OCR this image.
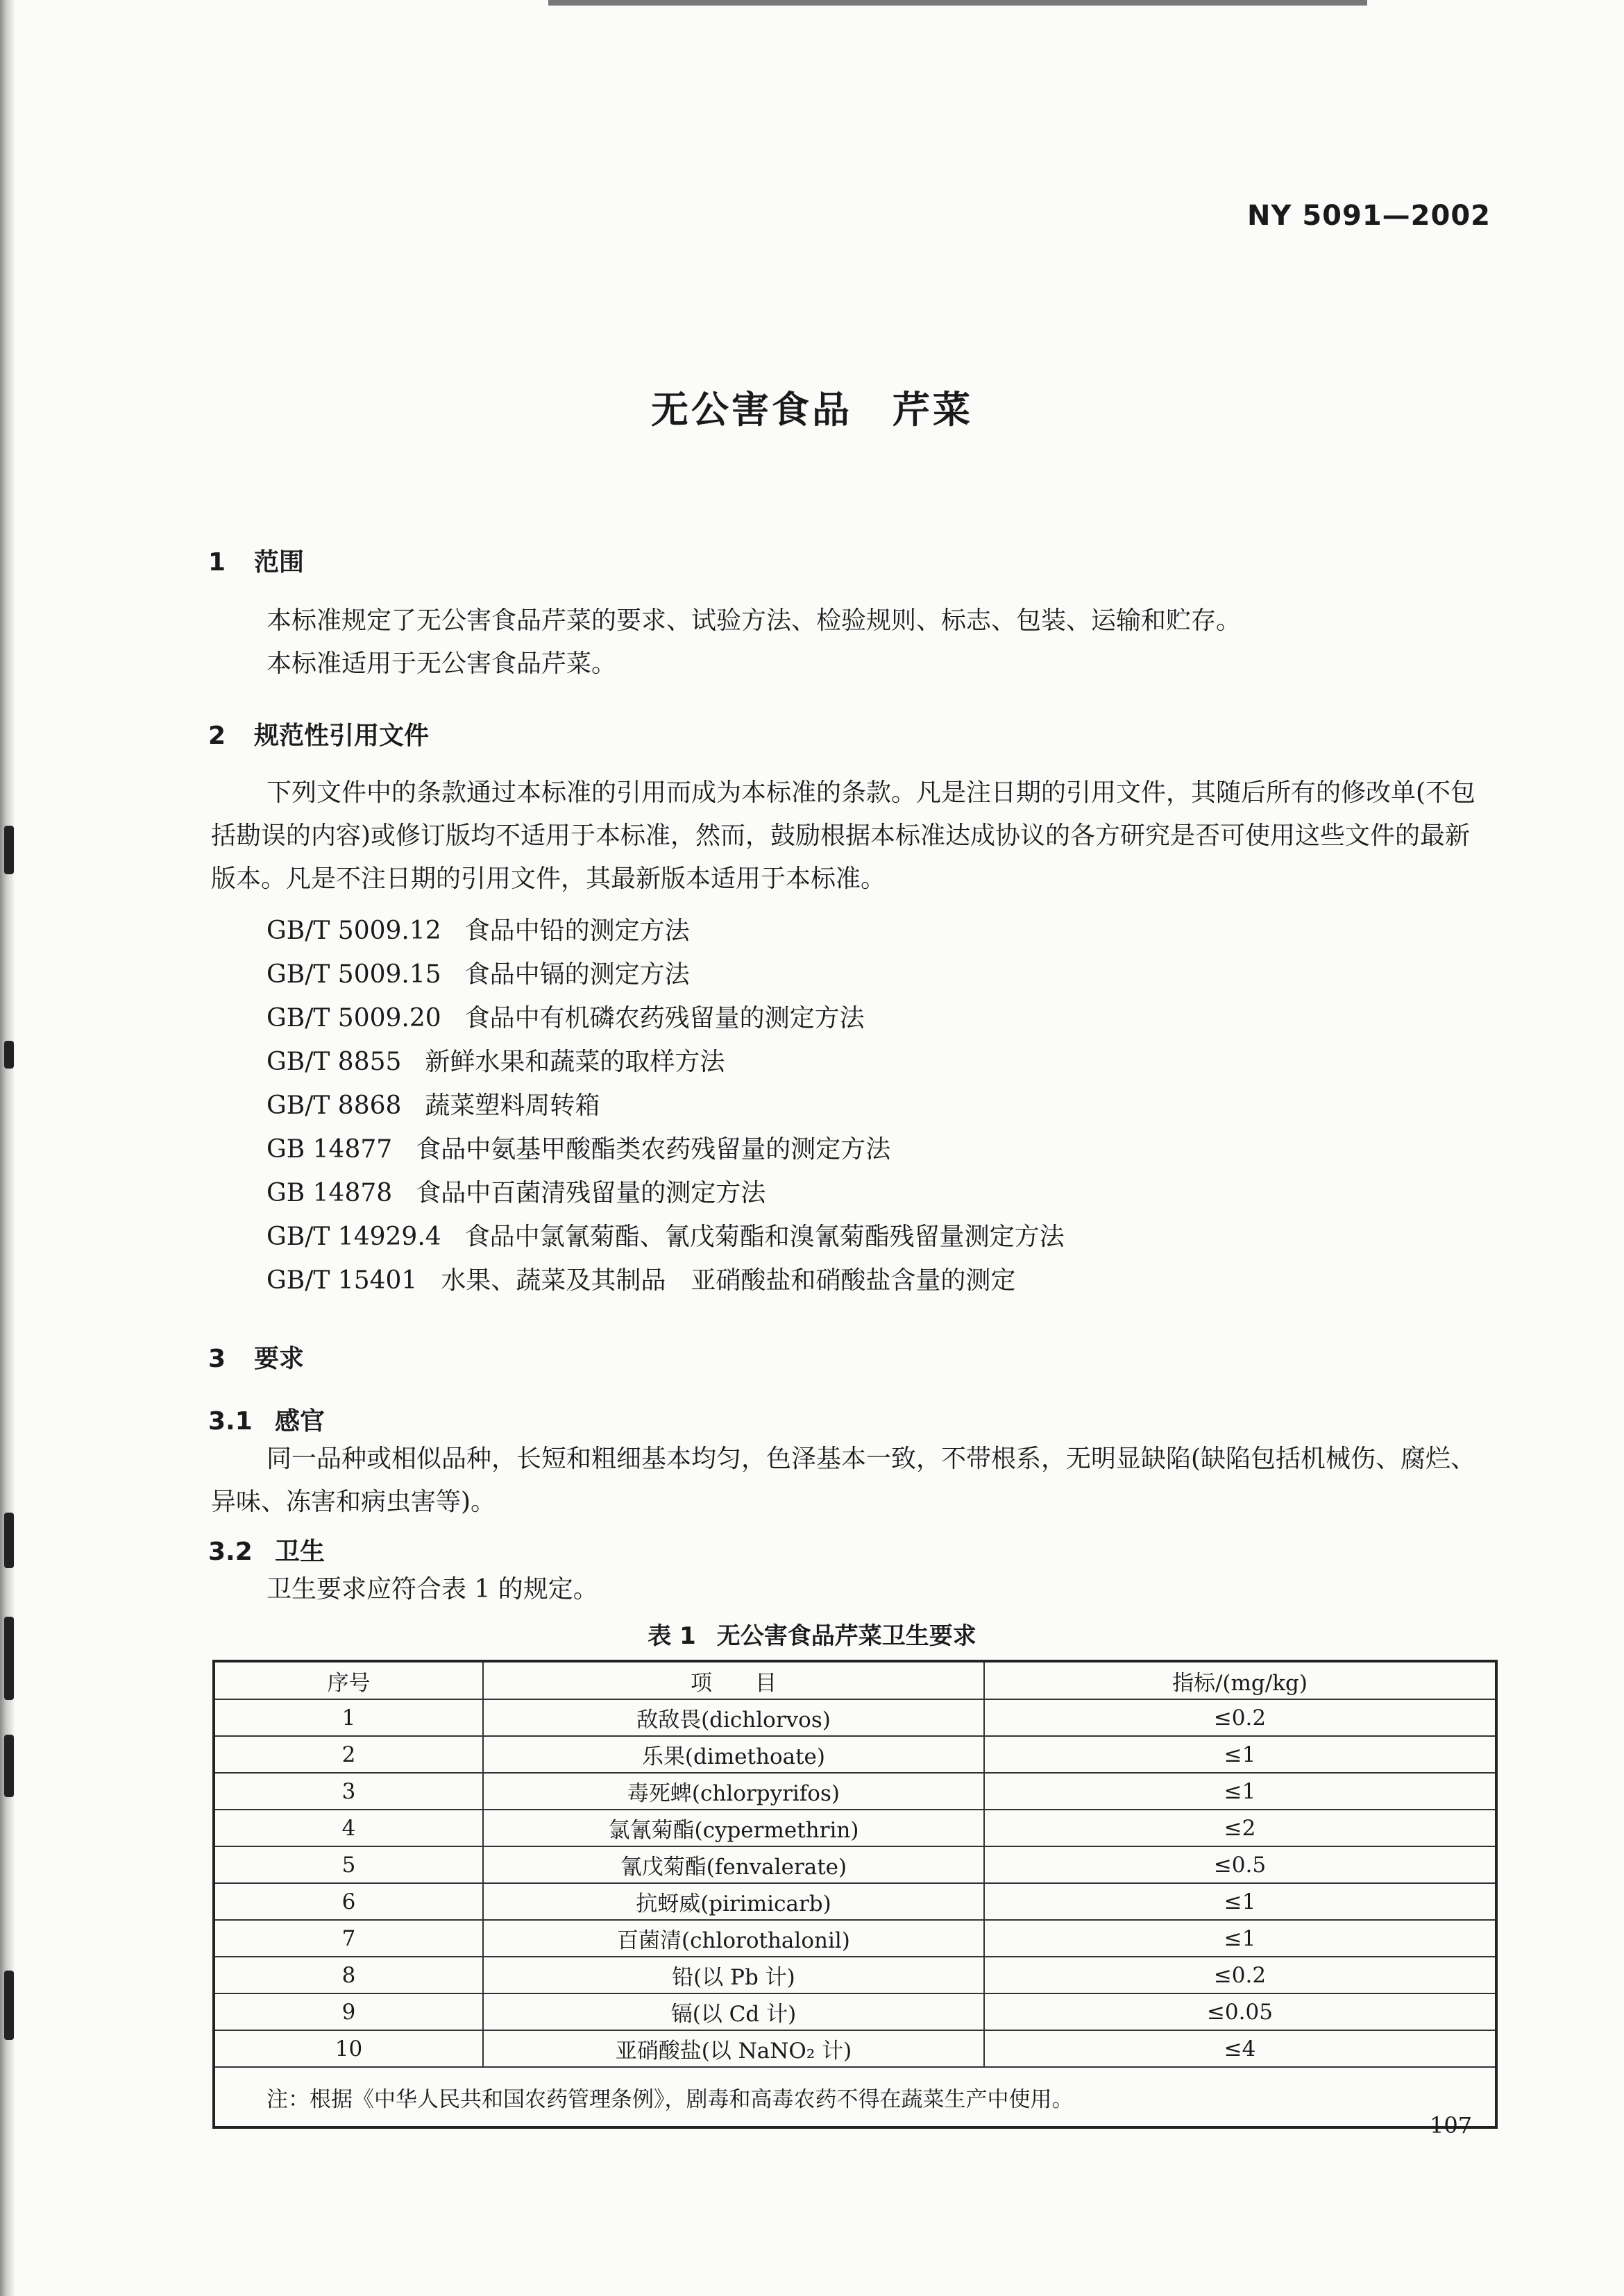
NY 5091—2002
无公害食品　芹菜
1 范围
本标准规定了无公害食品芹菜的要求、试验方法、检验规则、标志、包装、运输和贮存。
本标准适用于无公害食品芹菜。
2 规范性引用文件
下列文件中的条款通过本标准的引用而成为本标准的条款。凡是注日期的引用文件，其随后所有的修改单(不包括勘误的内容)或修订版均不适用于本标准，然而，鼓励根据本标准达成协议的各方研究是否可使用这些文件的最新版本。凡是不注日期的引用文件，其最新版本适用于本标准。
GB/T 5009.12 食品中铅的测定方法
GB/T 5009.15 食品中镉的测定方法
GB/T 5009.20 食品中有机磷农药残留量的测定方法
GB/T 8855 新鲜水果和蔬菜的取样方法
GB/T 8868 蔬菜塑料周转箱
GB 14877 食品中氨基甲酸酯类农药残留量的测定方法
GB 14878 食品中百菌清残留量的测定方法
GB/T 14929.4 食品中氯氰菊酯、氰戊菊酯和溴氰菊酯残留量测定方法
GB/T 15401 水果、蔬菜及其制品　亚硝酸盐和硝酸盐含量的测定
3 要求
3.1 感官
同一品种或相似品种，长短和粗细基本均匀，色泽基本一致，不带根系，无明显缺陷(缺陷包括机械伤、腐烂、异味、冻害和病虫害等)。
3.2 卫生
卫生要求应符合表 1 的规定。
表 1 无公害食品芹菜卫生要求
序号	项　　目	指标/(mg/kg)
1	敌敌畏(dichlorvos)	≤0.2
2	乐果(dimethoate)	≤1
3	毒死蜱(chlorpyrifos)	≤1
4	氯氰菊酯(cypermethrin)	≤2
5	氰戊菊酯(fenvalerate)	≤0.5
6	抗蚜威(pirimicarb)	≤1
7	百菌清(chlorothalonil)	≤1
8	铅(以 Pb 计)	≤0.2
9	镉(以 Cd 计)	≤0.05
10	亚硝酸盐(以 NaNO₂ 计)	≤4
注：根据《中华人民共和国农药管理条例》，剧毒和高毒农药不得在蔬菜生产中使用。		
107
